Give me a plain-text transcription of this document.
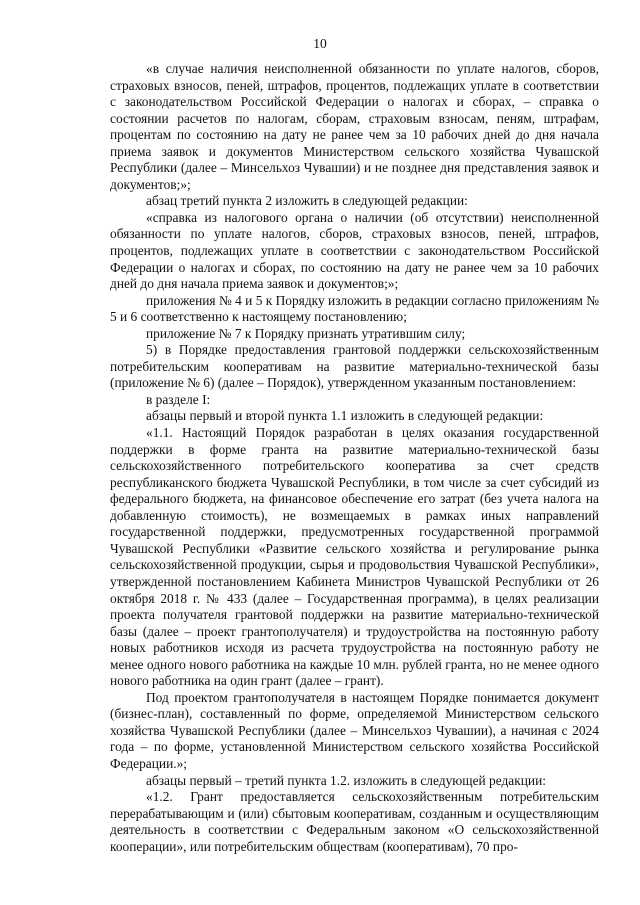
10

«в случае наличия неисполненной обязанности по уплате налогов, сборов, страховых взносов, пеней, штрафов, процентов, подлежащих уплате в соответствии с законодательством Российской Федерации о налогах и сборах, – справка о состоянии расчетов по налогам, сборам, страховым взносам, пеням, штрафам, процентам по состоянию на дату не ранее чем за 10 рабочих дней до дня начала приема заявок и документов Министерством сельского хозяйства Чувашской Республики (далее – Минсельхоз Чувашии) и не позднее дня представления заявок и документов;»;

абзац третий пункта 2 изложить в следующей редакции:

«справка из налогового органа о наличии (об отсутствии) неисполненной обязанности по уплате налогов, сборов, страховых взносов, пеней, штрафов, процентов, подлежащих уплате в соответствии с законодательством Российской Федерации о налогах и сборах, по состоянию на дату не ранее чем за 10 рабочих дней до дня начала приема заявок и документов;»;

приложения № 4 и 5 к Порядку изложить в редакции согласно приложениям № 5 и 6 соответственно к настоящему постановлению;

приложение № 7 к Порядку признать утратившим силу;

5) в Порядке предоставления грантовой поддержки сельскохозяйственным потребительским кооперативам на развитие материально-технической базы (приложение № 6) (далее – Порядок), утвержденном указанным постановлением:

в разделе I:

абзацы первый и второй пункта 1.1 изложить в следующей редакции:

«1.1. Настоящий Порядок разработан в целях оказания государственной поддержки в форме гранта на развитие материально-технической базы сельскохозяйственного потребительского кооператива за счет средств республиканского бюджета Чувашской Республики, в том числе за счет субсидий из федерального бюджета, на финансовое обеспечение его затрат (без учета налога на добавленную стоимость), не возмещаемых в рамках иных направлений государственной поддержки, предусмотренных государственной программой Чувашской Республики «Развитие сельского хозяйства и регулирование рынка сельскохозяйственной продукции, сырья и продовольствия Чувашской Республики», утвержденной постановлением Кабинета Министров Чувашской Республики от 26 октября 2018 г. № 433 (далее – Государственная программа), в целях реализации проекта получателя грантовой поддержки на развитие материально-технической базы (далее – проект грантополучателя) и трудоустройства на постоянную работу новых работников исходя из расчета трудоустройства на постоянную работу не менее одного нового работника на каждые 10 млн. рублей гранта, но не менее одного нового работника на один грант (далее – грант).

Под проектом грантополучателя в настоящем Порядке понимается документ (бизнес-план), составленный по форме, определяемой Министерством сельского хозяйства Чувашской Республики (далее – Минсельхоз Чувашии), а начиная с 2024 года – по форме, установленной Министерством сельского хозяйства Российской Федерации.»;

абзацы первый – третий пункта 1.2. изложить в следующей редакции:

«1.2. Грант предоставляется сельскохозяйственным потребительским перерабатывающим и (или) сбытовым кооперативам, созданным и осуществляющим деятельность в соответствии с Федеральным законом «О сельскохозяйственной кооперации», или потребительским обществам (кооперативам), 70 про-
